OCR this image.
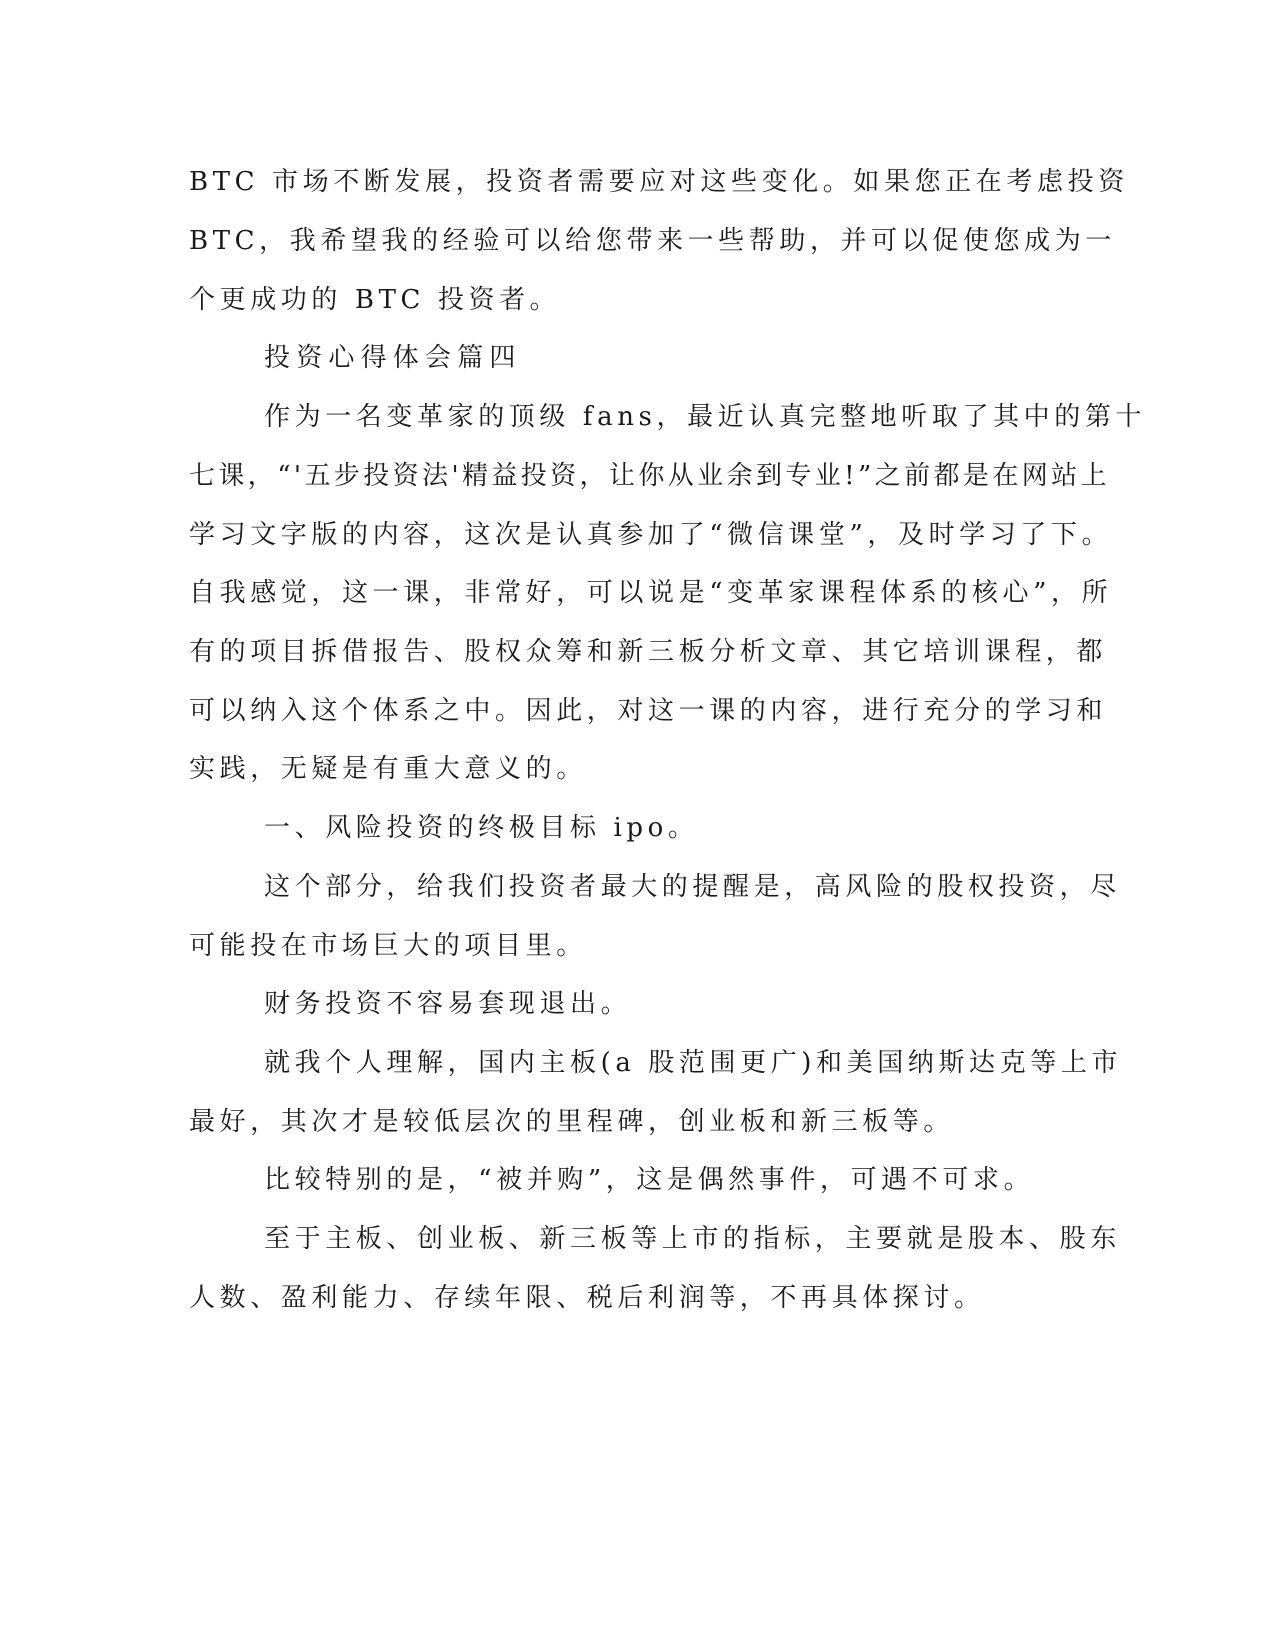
BTC 市场不断发展，投资者需要应对这些变化。如果您正在考虑投资
BTC，我希望我的经验可以给您带来一些帮助，并可以促使您成为一
个更成功的 BTC 投资者。
投资心得体会篇四
作为一名变革家的顶级 fans，最近认真完整地听取了其中的第十
七课，“'五步投资法'精益投资，让你从业余到专业!”之前都是在网站上
学习文字版的内容，这次是认真参加了“微信课堂”，及时学习了下。
自我感觉，这一课，非常好，可以说是“变革家课程体系的核心”，所
有的项目拆借报告、股权众筹和新三板分析文章、其它培训课程，都
可以纳入这个体系之中。因此，对这一课的内容，进行充分的学习和
实践，无疑是有重大意义的。
一、风险投资的终极目标 ipo。
这个部分，给我们投资者最大的提醒是，高风险的股权投资，尽
可能投在市场巨大的项目里。
财务投资不容易套现退出。
就我个人理解，国内主板(a 股范围更广)和美国纳斯达克等上市
最好，其次才是较低层次的里程碑，创业板和新三板等。
比较特别的是，“被并购”，这是偶然事件，可遇不可求。
至于主板、创业板、新三板等上市的指标，主要就是股本、股东
人数、盈利能力、存续年限、税后利润等，不再具体探讨。
